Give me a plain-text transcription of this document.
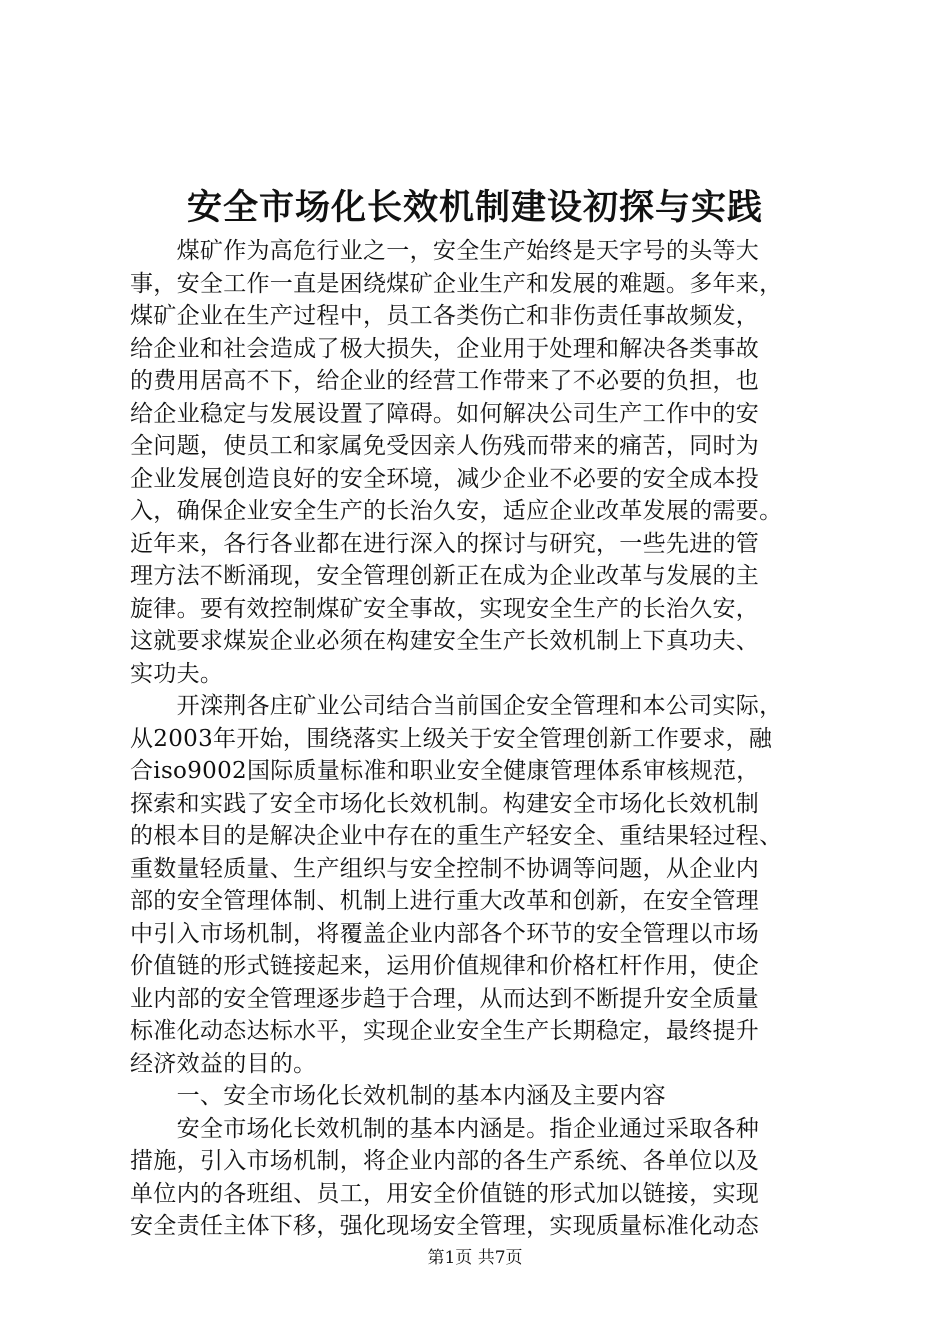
安全市场化长效机制建设初探与实践
　　煤矿作为高危行业之一，安全生产始终是天字号的头等大
事，安全工作一直是困绕煤矿企业生产和发展的难题。多年来，
煤矿企业在生产过程中，员工各类伤亡和非伤责任事故频发，
给企业和社会造成了极大损失，企业用于处理和解决各类事故
的费用居高不下，给企业的经营工作带来了不必要的负担，也
给企业稳定与发展设置了障碍。如何解决公司生产工作中的安
全问题，使员工和家属免受因亲人伤残而带来的痛苦，同时为
企业发展创造良好的安全环境，减少企业不必要的安全成本投
入，确保企业安全生产的长治久安，适应企业改革发展的需要。
近年来，各行各业都在进行深入的探讨与研究，一些先进的管
理方法不断涌现，安全管理创新正在成为企业改革与发展的主
旋律。要有效控制煤矿安全事故，实现安全生产的长治久安，
这就要求煤炭企业必须在构建安全生产长效机制上下真功夫、
实功夫。
　　开滦荆各庄矿业公司结合当前国企安全管理和本公司实际，
从2003年开始，围绕落实上级关于安全管理创新工作要求，融
合iso9002国际质量标准和职业安全健康管理体系审核规范，
探索和实践了安全市场化长效机制。构建安全市场化长效机制
的根本目的是解决企业中存在的重生产轻安全、重结果轻过程、
重数量轻质量、生产组织与安全控制不协调等问题，从企业内
部的安全管理体制、机制上进行重大改革和创新，在安全管理
中引入市场机制，将覆盖企业内部各个环节的安全管理以市场
价值链的形式链接起来，运用价值规律和价格杠杆作用，使企
业内部的安全管理逐步趋于合理，从而达到不断提升安全质量
标准化动态达标水平，实现企业安全生产长期稳定，最终提升
经济效益的目的。
　　一、安全市场化长效机制的基本内涵及主要内容
　　安全市场化长效机制的基本内涵是。指企业通过采取各种
措施，引入市场机制，将企业内部的各生产系统、各单位以及
单位内的各班组、员工，用安全价值链的形式加以链接，实现
安全责任主体下移，强化现场安全管理，实现质量标准化动态
第1页 共7页
